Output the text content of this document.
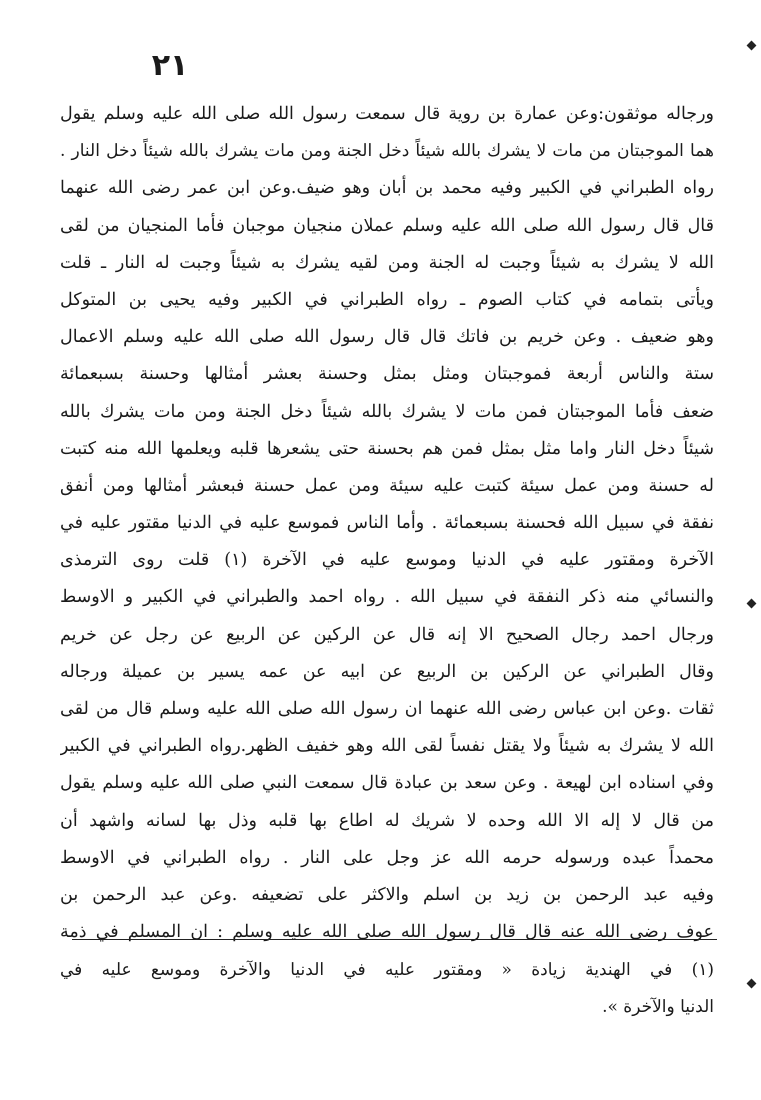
٢١
ورجاله موثقون:وعن عمارة بن روية قال سمعت رسول الله صلى الله عليه وسلم يقول
هما الموجبتان من مات لا يشرك بالله شيئاً دخل الجنة ومن مات يشرك بالله شيئاً دخل النار .
رواه الطبراني في الكبير وفيه محمد بن أبان وهو ضيف.وعن ابن عمر رضى الله عنهما
قال قال رسول الله صلى الله عليه وسلم عملان منجيان موجبان فأما المنجيان من لقى
الله لا يشرك به شيئاً وجبت له الجنة ومن لقيه يشرك به شيئاً وجبت له النار ـ قلت
ويأتى بتمامه في كتاب الصوم ـ رواه الطبراني في الكبير وفيه يحيى بن المتوكل
وهو ضعيف . وعن خريم بن فاتك قال قال رسول الله صلى الله عليه وسلم الاعمال
ستة والناس أربعة فموجبتان ومثل بمثل وحسنة بعشر أمثالها وحسنة بسبعمائة
ضعف فأما الموجبتان فمن مات لا يشرك بالله شيئاً دخل الجنة ومن مات يشرك بالله
شيئاً دخل النار واما مثل بمثل فمن هم بحسنة حتى يشعرها قلبه ويعلمها الله منه كتبت
له حسنة ومن عمل سيئة كتبت عليه سيئة ومن عمل حسنة فبعشر أمثالها ومن أنفق
نفقة في سبيل الله فحسنة بسبعمائة . وأما الناس فموسع عليه في الدنيا مقتور عليه في
الآخرة ومقتور عليه في الدنيا وموسع عليه في الآخرة (١) قلت روى الترمذى
والنسائي منه ذكر النفقة في سبيل الله . رواه احمد والطبراني في الكبير و الاوسط
ورجال احمد رجال الصحيح الا إنه قال عن الركين عن الربيع عن رجل عن خريم
وقال الطبراني عن الركين بن الربيع عن ابيه عن عمه يسير بن عميلة ورجاله
ثقات .وعن ابن عباس رضى الله عنهما ان رسول الله صلى الله عليه وسلم قال من لقى
الله لا يشرك به شيئاً ولا يقتل نفساً لقى الله وهو خفيف الظهر.رواه الطبراني في الكبير
وفي اسناده ابن لهيعة . وعن سعد بن عبادة قال سمعت النبي صلى الله عليه وسلم يقول
من قال لا إله الا الله وحده لا شريك له اطاع بها قلبه وذل بها لسانه واشهد أن
محمداً عبده ورسوله حرمه الله عز وجل على النار . رواه الطبراني في الاوسط
وفيه عبد الرحمن بن زيد بن اسلم والاكثر على تضعيفه .وعن عبد الرحمن بن
عوف رضى الله عنه قال قال رسول الله صلى الله عليه وسلم : ان المسلم في ذمة
(١) في الهندية زيادة « ومقتور عليه في الدنيا والآخرة وموسع عليه في
الدنيا والآخرة ».
